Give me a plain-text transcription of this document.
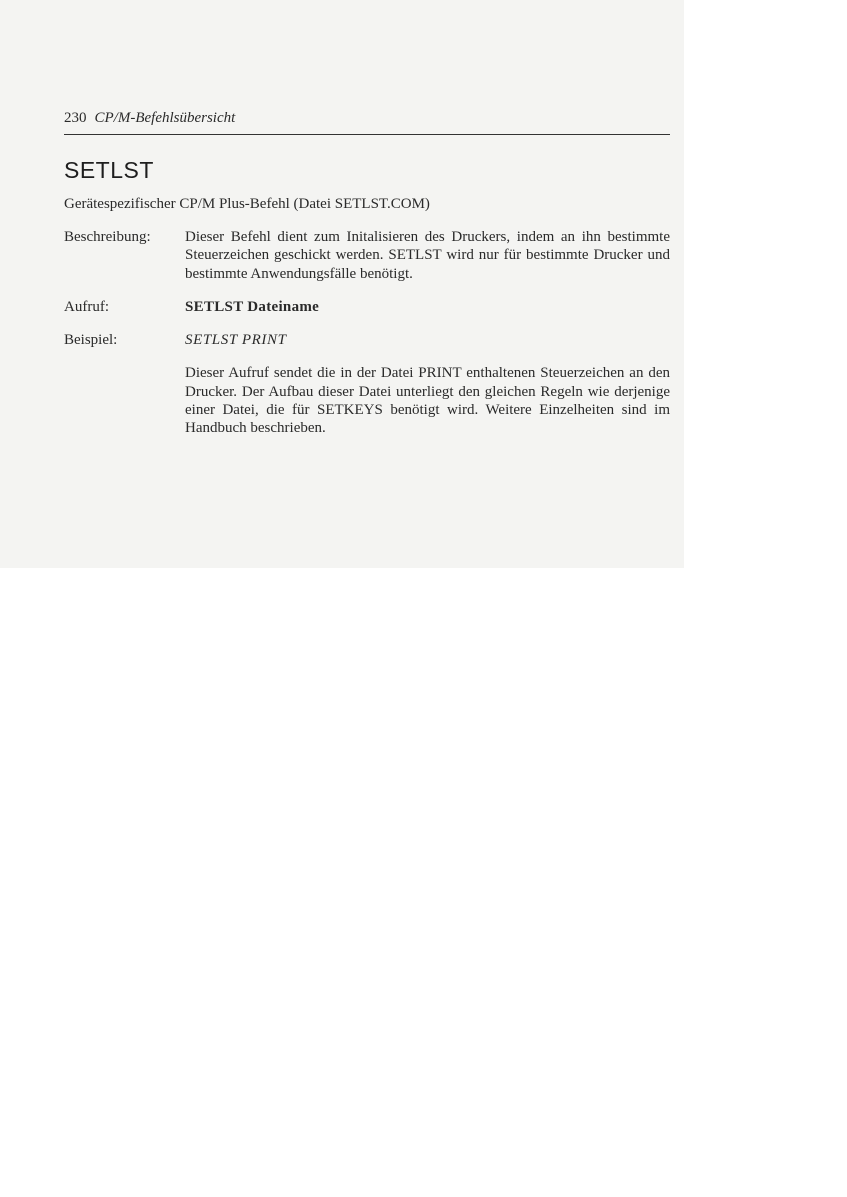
230 CP/M-Befehlsübersicht
SETLST
Gerätespezifischer CP/M Plus-Befehl (Datei SETLST.COM)
Beschreibung:	Dieser Befehl dient zum Initalisieren des Druckers, indem an ihn bestimmte Steuerzeichen geschickt werden. SETLST wird nur für bestimmte Drucker und bestimmte Anwendungsfälle benötigt.
Aufruf:	SETLST Dateiname
Beispiel:	SETLST PRINT
Dieser Aufruf sendet die in der Datei PRINT enthaltenen Steuerzeichen an den Drucker. Der Aufbau dieser Datei unterliegt den gleichen Regeln wie derjenige einer Datei, die für SETKEYS benötigt wird. Weitere Einzelheiten sind im Handbuch beschrieben.
